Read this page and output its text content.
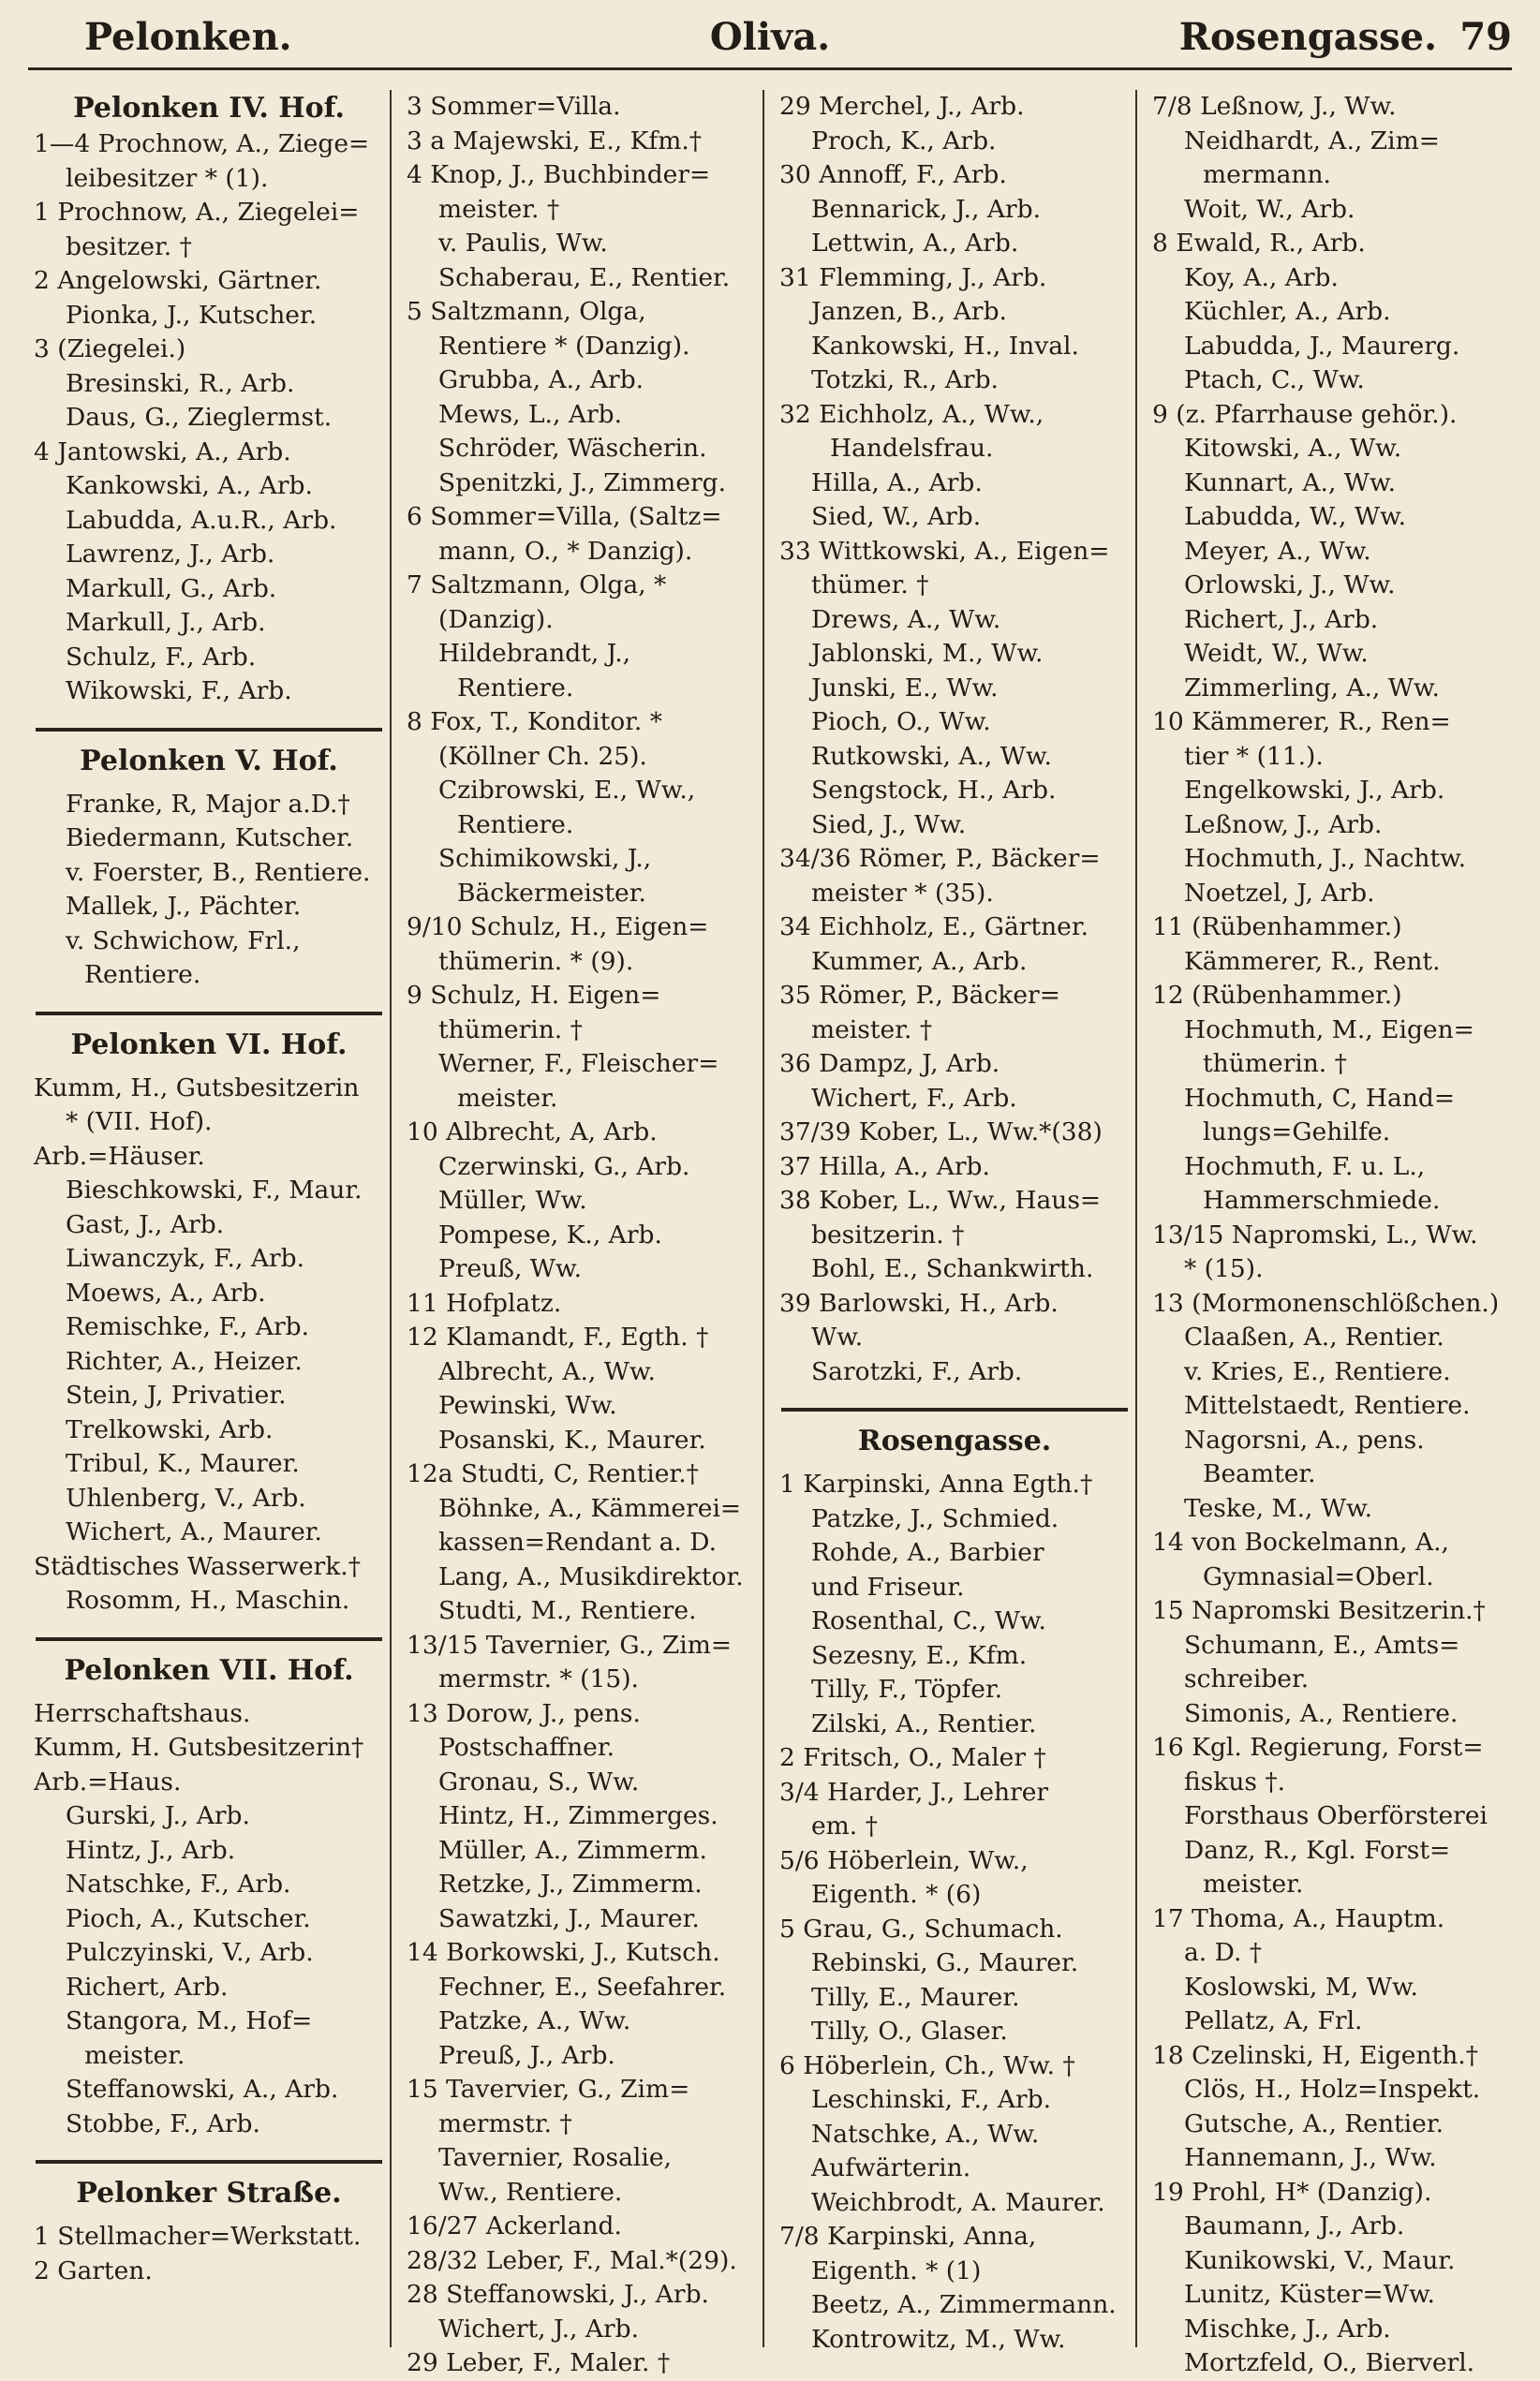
Pelonken.	Oliva.	Rosengasse. 79
Pelonken IV. Hof.
1—4 Prochnow, A., Ziege=
leibesitzer * (1).
1 Prochnow, A., Ziegelei=
besitzer. †
2 Angelowski, Gärtner.
Pionka, J., Kutscher.
3 (Ziegelei.)
Bresinski, R., Arb.
Daus, G., Zieglermst.
4 Jantowski, A., Arb.
Kankowski, A., Arb.
Labudda, A.u.R., Arb.
Lawrenz, J., Arb.
Markull, G., Arb.
Markull, J., Arb.
Schulz, F., Arb.
Wikowski, F., Arb.
Pelonken V. Hof.
Franke, R, Major a.D.†
Biedermann, Kutscher.
v. Foerster, B., Rentiere.
Mallek, J., Pächter.
v. Schwichow, Frl.,
Rentiere.
Pelonken VI. Hof.
Kumm, H., Gutsbesitzerin
* (VII. Hof).
Arb.=Häuser.
Bieschkowski, F., Maur.
Gast, J., Arb.
Liwanczyk, F., Arb.
Moews, A., Arb.
Remischke, F., Arb.
Richter, A., Heizer.
Stein, J, Privatier.
Trelkowski, Arb.
Tribul, K., Maurer.
Uhlenberg, V., Arb.
Wichert, A., Maurer.
Städtisches Wasserwerk.†
Rosomm, H., Maschin.
Pelonken VII. Hof.
Herrschaftshaus.
Kumm, H. Gutsbesitzerin†
Arb.=Haus.
Gurski, J., Arb.
Hintz, J., Arb.
Natschke, F., Arb.
Pioch, A., Kutscher.
Pulczyinski, V., Arb.
Richert, Arb.
Stangora, M., Hof=
meister.
Steffanowski, A., Arb.
Stobbe, F., Arb.
Pelonker Straße.
1 Stellmacher=Werkstatt.
2 Garten.
3 Sommer=Villa.
3 a Majewski, E., Kfm.†
4 Knop, J., Buchbinder=
meister. †
v. Paulis, Ww.
Schaberau, E., Rentier.
5 Saltzmann, Olga,
Rentiere * (Danzig).
Grubba, A., Arb.
Mews, L., Arb.
Schröder, Wäscherin.
Spenitzki, J., Zimmerg.
6 Sommer=Villa, (Saltz=
mann, O., * Danzig).
7 Saltzmann, Olga, *
(Danzig).
Hildebrandt, J.,
Rentiere.
8 Fox, T., Konditor. *
(Köllner Ch. 25).
Czibrowski, E., Ww.,
Rentiere.
Schimikowski, J.,
Bäckermeister.
9/10 Schulz, H., Eigen=
thümerin. * (9).
9 Schulz, H. Eigen=
thümerin. †
Werner, F., Fleischer=
meister.
10 Albrecht, A, Arb.
Czerwinski, G., Arb.
Müller, Ww.
Pompese, K., Arb.
Preuß, Ww.
11 Hofplatz.
12 Klamandt, F., Egth. †
Albrecht, A., Ww.
Pewinski, Ww.
Posanski, K., Maurer.
12a Studti, C, Rentier.†
Böhnke, A., Kämmerei=
kassen=Rendant a. D.
Lang, A., Musikdirektor.
Studti, M., Rentiere.
13/15 Tavernier, G., Zim=
mermstr. * (15).
13 Dorow, J., pens.
Postschaffner.
Gronau, S., Ww.
Hintz, H., Zimmerges.
Müller, A., Zimmerm.
Retzke, J., Zimmerm.
Sawatzki, J., Maurer.
14 Borkowski, J., Kutsch.
Fechner, E., Seefahrer.
Patzke, A., Ww.
Preuß, J., Arb.
15 Tavervier, G., Zim=
mermstr. †
Tavernier, Rosalie,
Ww., Rentiere.
16/27 Ackerland.
28/32 Leber, F., Mal.*(29).
28 Steffanowski, J., Arb.
Wichert, J., Arb.
29 Leber, F., Maler. †
29 Merchel, J., Arb.
Proch, K., Arb.
30 Annoff, F., Arb.
Bennarick, J., Arb.
Lettwin, A., Arb.
31 Flemming, J., Arb.
Janzen, B., Arb.
Kankowski, H., Inval.
Totzki, R., Arb.
32 Eichholz, A., Ww.,
Handelsfrau.
Hilla, A., Arb.
Sied, W., Arb.
33 Wittkowski, A., Eigen=
thümer. †
Drews, A., Ww.
Jablonski, M., Ww.
Junski, E., Ww.
Pioch, O., Ww.
Rutkowski, A., Ww.
Sengstock, H., Arb.
Sied, J., Ww.
34/36 Römer, P., Bäcker=
meister * (35).
34 Eichholz, E., Gärtner.
Kummer, A., Arb.
35 Römer, P., Bäcker=
meister. †
36 Dampz, J, Arb.
Wichert, F., Arb.
37/39 Kober, L., Ww.*(38)
37 Hilla, A., Arb.
38 Kober, L., Ww., Haus=
besitzerin. †
Bohl, E., Schankwirth.
39 Barlowski, H., Arb.
Ww.
Sarotzki, F., Arb.
Rosengasse.
1 Karpinski, Anna Egth.†
Patzke, J., Schmied.
Rohde, A., Barbier
und Friseur.
Rosenthal, C., Ww.
Sezesny, E., Kfm.
Tilly, F., Töpfer.
Zilski, A., Rentier.
2 Fritsch, O., Maler †
3/4 Harder, J., Lehrer
em. †
5/6 Höberlein, Ww.,
Eigenth. * (6)
5 Grau, G., Schumach.
Rebinski, G., Maurer.
Tilly, E., Maurer.
Tilly, O., Glaser.
6 Höberlein, Ch., Ww. †
Leschinski, F., Arb.
Natschke, A., Ww.
Aufwärterin.
Weichbrodt, A. Maurer.
7/8 Karpinski, Anna,
Eigenth. * (1)
Beetz, A., Zimmermann.
Kontrowitz, M., Ww.
7/8 Leßnow, J., Ww.
Neidhardt, A., Zim=
mermann.
Woit, W., Arb.
8 Ewald, R., Arb.
Koy, A., Arb.
Küchler, A., Arb.
Labudda, J., Maurerg.
Ptach, C., Ww.
9 (z. Pfarrhause gehör.).
Kitowski, A., Ww.
Kunnart, A., Ww.
Labudda, W., Ww.
Meyer, A., Ww.
Orlowski, J., Ww.
Richert, J., Arb.
Weidt, W., Ww.
Zimmerling, A., Ww.
10 Kämmerer, R., Ren=
tier * (11.).
Engelkowski, J., Arb.
Leßnow, J., Arb.
Hochmuth, J., Nachtw.
Noetzel, J, Arb.
11 (Rübenhammer.)
Kämmerer, R., Rent.
12 (Rübenhammer.)
Hochmuth, M., Eigen=
thümerin. †
Hochmuth, C, Hand=
lungs=Gehilfe.
Hochmuth, F. u. L.,
Hammerschmiede.
13/15 Napromski, L., Ww.
* (15).
13 (Mormonenschlößchen.)
Claaßen, A., Rentier.
v. Kries, E., Rentiere.
Mittelstaedt, Rentiere.
Nagorsni, A., pens.
Beamter.
Teske, M., Ww.
14 von Bockelmann, A.,
Gymnasial=Oberl.
15 Napromski Besitzerin.†
Schumann, E., Amts=
schreiber.
Simonis, A., Rentiere.
16 Kgl. Regierung, Forst=
fiskus †.
Forsthaus Oberförsterei
Danz, R., Kgl. Forst=
meister.
17 Thoma, A., Hauptm.
a. D. †
Koslowski, M, Ww.
Pellatz, A, Frl.
18 Czelinski, H, Eigenth.†
Clös, H., Holz=Inspekt.
Gutsche, A., Rentier.
Hannemann, J., Ww.
19 Prohl, H* (Danzig).
Baumann, J., Arb.
Kunikowski, V., Maur.
Lunitz, Küster=Ww.
Mischke, J., Arb.
Mortzfeld, O., Bierverl.
